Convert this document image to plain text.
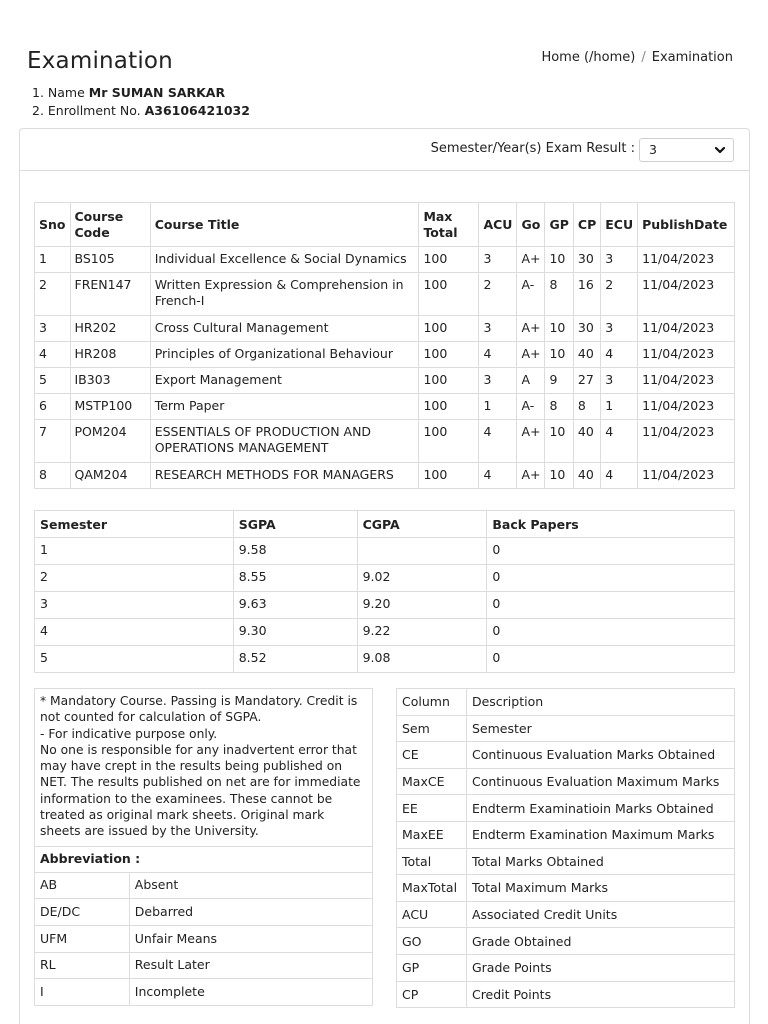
Examination	Home (/home) / Examination
1. Name Mr SUMAN SARKAR
2. Enrollment No. A36106421032
Semester/Year(s) Exam Result :	3
Sno	Course Code	Course Title	Max Total	ACU	Go	GP	CP	ECU	PublishDate
1	BS105	Individual Excellence & Social Dynamics	100	3	A+	10	30	3	11/04/2023
2	FREN147	Written Expression & Comprehension in French-I	100	2	A-	8	16	2	11/04/2023
3	HR202	Cross Cultural Management	100	3	A+	10	30	3	11/04/2023
4	HR208	Principles of Organizational Behaviour	100	4	A+	10	40	4	11/04/2023
5	IB303	Export Management	100	3	A	9	27	3	11/04/2023
6	MSTP100	Term Paper	100	1	A-	8	8	1	11/04/2023
7	POM204	ESSENTIALS OF PRODUCTION AND OPERATIONS MANAGEMENT	100	4	A+	10	40	4	11/04/2023
8	QAM204	RESEARCH METHODS FOR MANAGERS	100	4	A+	10	40	4	11/04/2023
Semester	SGPA	CGPA	Back Papers
1	9.58		0
2	8.55	9.02	0
3	9.63	9.20	0
4	9.30	9.22	0
5	8.52	9.08	0
* Mandatory Course. Passing is Mandatory. Credit is not counted for calculation of SGPA.
- For indicative purpose only.
No one is responsible for any inadvertent error that may have crept in the results being published on NET. The results published on net are for immediate information to the examinees. These cannot be treated as original mark sheets. Original mark sheets are issued by the University.	

Abbreviation :	
AB	Absent
DE/DC	Debarred
UFM	Unfair Means
RL	Result Later
I	Incomplete
Column	Description
Sem	Semester
CE	Continuous Evaluation Marks Obtained
MaxCE	Continuous Evaluation Maximum Marks
EE	Endterm Examinatioin Marks Obtained
MaxEE	Endterm Examination Maximum Marks
Total	Total Marks Obtained
MaxTotal	Total Maximum Marks
ACU	Associated Credit Units
GO	Grade Obtained
GP	Grade Points
CP	Credit Points
